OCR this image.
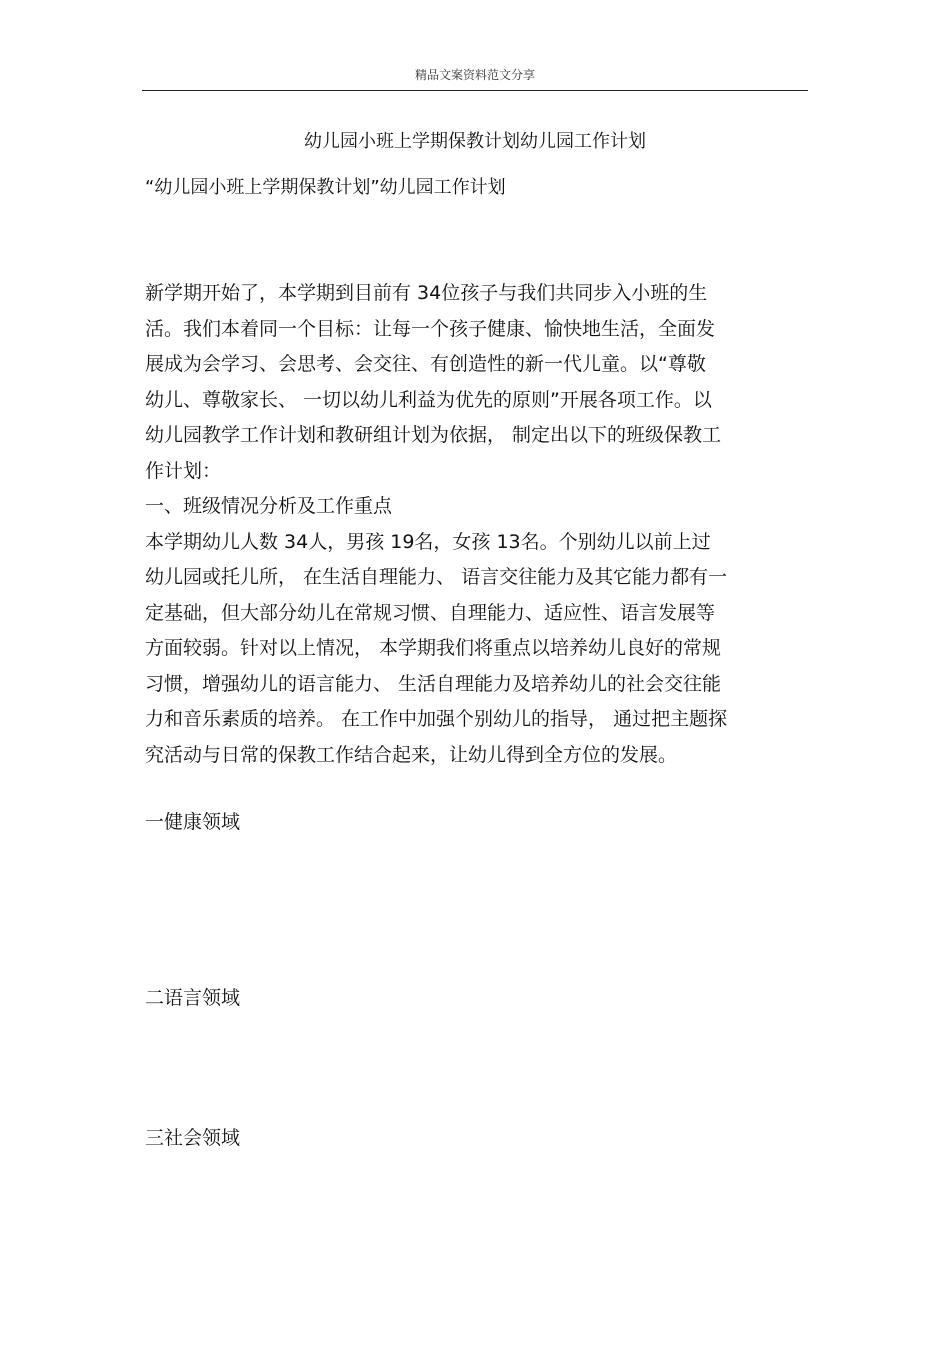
精品文案资料范文分享
幼儿园小班上学期保教计划幼儿园工作计划
“幼儿园小班上学期保教计划”幼儿园工作计划
新学期开始了，本学期到目前有 34位孩子与我们共同步入小班的生
活。我们本着同一个目标：让每一个孩子健康、愉快地生活，全面发
展成为会学习、会思考、会交往、有创造性的新一代儿童。以“尊敬
幼儿、尊敬家长、 一切以幼儿利益为优先的原则”开展各项工作。以
幼儿园教学工作计划和教研组计划为依据， 制定出以下的班级保教工
作计划：
一、班级情况分析及工作重点
本学期幼儿人数 34人，男孩 19名，女孩 13名。个别幼儿以前上过
幼儿园或托儿所， 在生活自理能力、 语言交往能力及其它能力都有一
定基础，但大部分幼儿在常规习惯、自理能力、适应性、语言发展等
方面较弱。针对以上情况， 本学期我们将重点以培养幼儿良好的常规
习惯，增强幼儿的语言能力、 生活自理能力及培养幼儿的社会交往能
力和音乐素质的培养。 在工作中加强个别幼儿的指导， 通过把主题探
究活动与日常的保教工作结合起来，让幼儿得到全方位的发展。
一健康领域
二语言领域
三社会领域
